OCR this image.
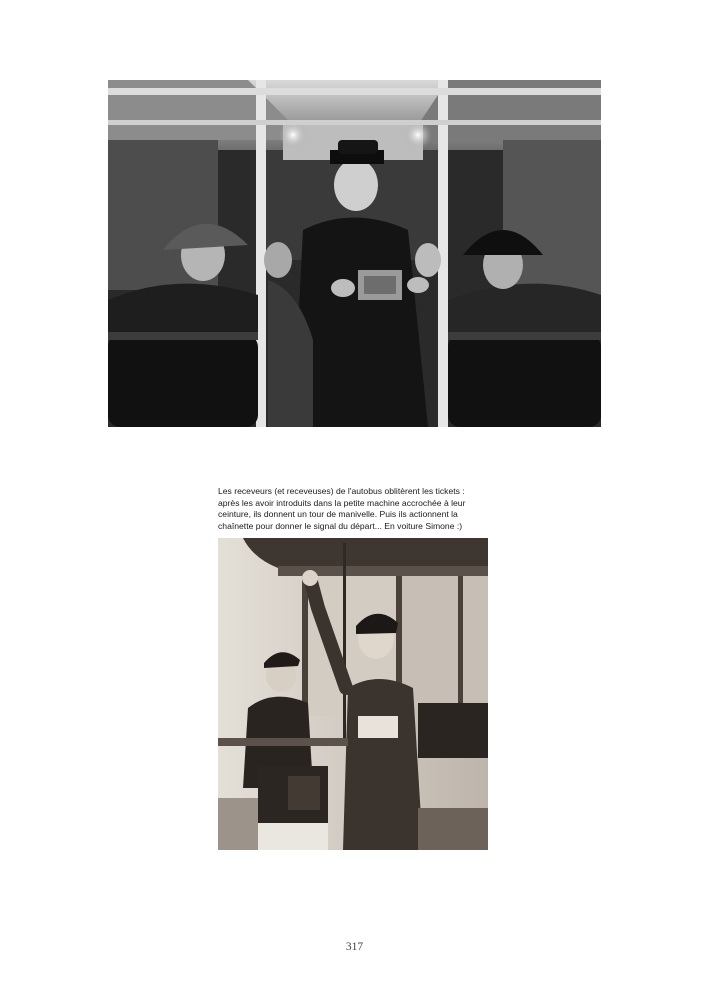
Les receveurs (et receveuses) de l'autobus oblitèrent les tickets :
après les avoir introduits dans la petite machine accrochée à leur
ceinture, ils donnent un tour de manivelle. Puis ils actionnent la
chaînette pour donner le signal du départ... En voiture Simone :)
317
